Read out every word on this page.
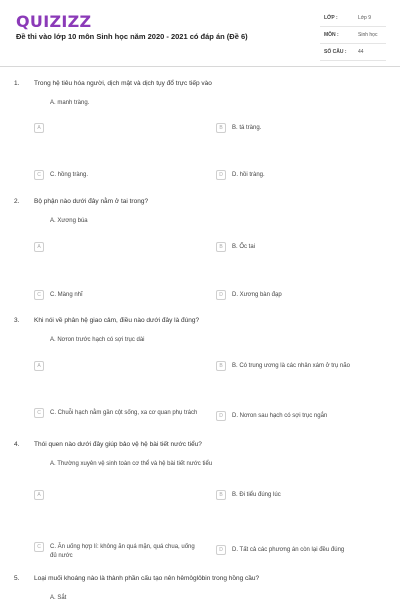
QUIZIZZ
Đề thi vào lớp 10 môn Sinh học năm 2020 - 2021 có đáp án (Đề 6)
LỚP :	Lớp 9
MÔN :	Sinh học
SỐ CÂU : 44
1. Trong hệ tiêu hóa người, dịch mật và dịch tụy đổ trực tiếp vào
A. manh tràng.
A	B	B. tá tràng.
C	C. hồng tràng.	D	D. hồi tràng.
2. Bộ phận nào dưới đây nằm ở tai trong?
A. Xương búa
A	B	B. Ốc tai
C	C. Màng nhĩ	D	D. Xương bàn đạp
3. Khi nói về phân hệ giao cảm, điều nào dưới đây là đúng?
A. Nơron trước hạch có sợi trục dài
A	B	B. Có trung ương là các nhân xám ở trụ não
C	C. Chuỗi hạch nằm gần cột sống, xa cơ quan phụ trách	D	D. Nơron sau hạch có sợi trục ngắn
4. Thói quen nào dưới đây giúp bảo vệ hệ bài tiết nước tiểu?
A. Thường xuyên vệ sinh toàn cơ thể và hệ bài tiết nước tiểu
A	B	B. Đi tiểu đúng lúc
C	C. Ăn uống hợp lí: không ăn quá mặn, quá chua, uống đủ nước
D	D. Tất cả các phương án còn lại đều đúng
5. Loại muối khoáng nào là thành phần cấu tạo nên hêmôglôbin trong hồng cầu?
A. Sắt
